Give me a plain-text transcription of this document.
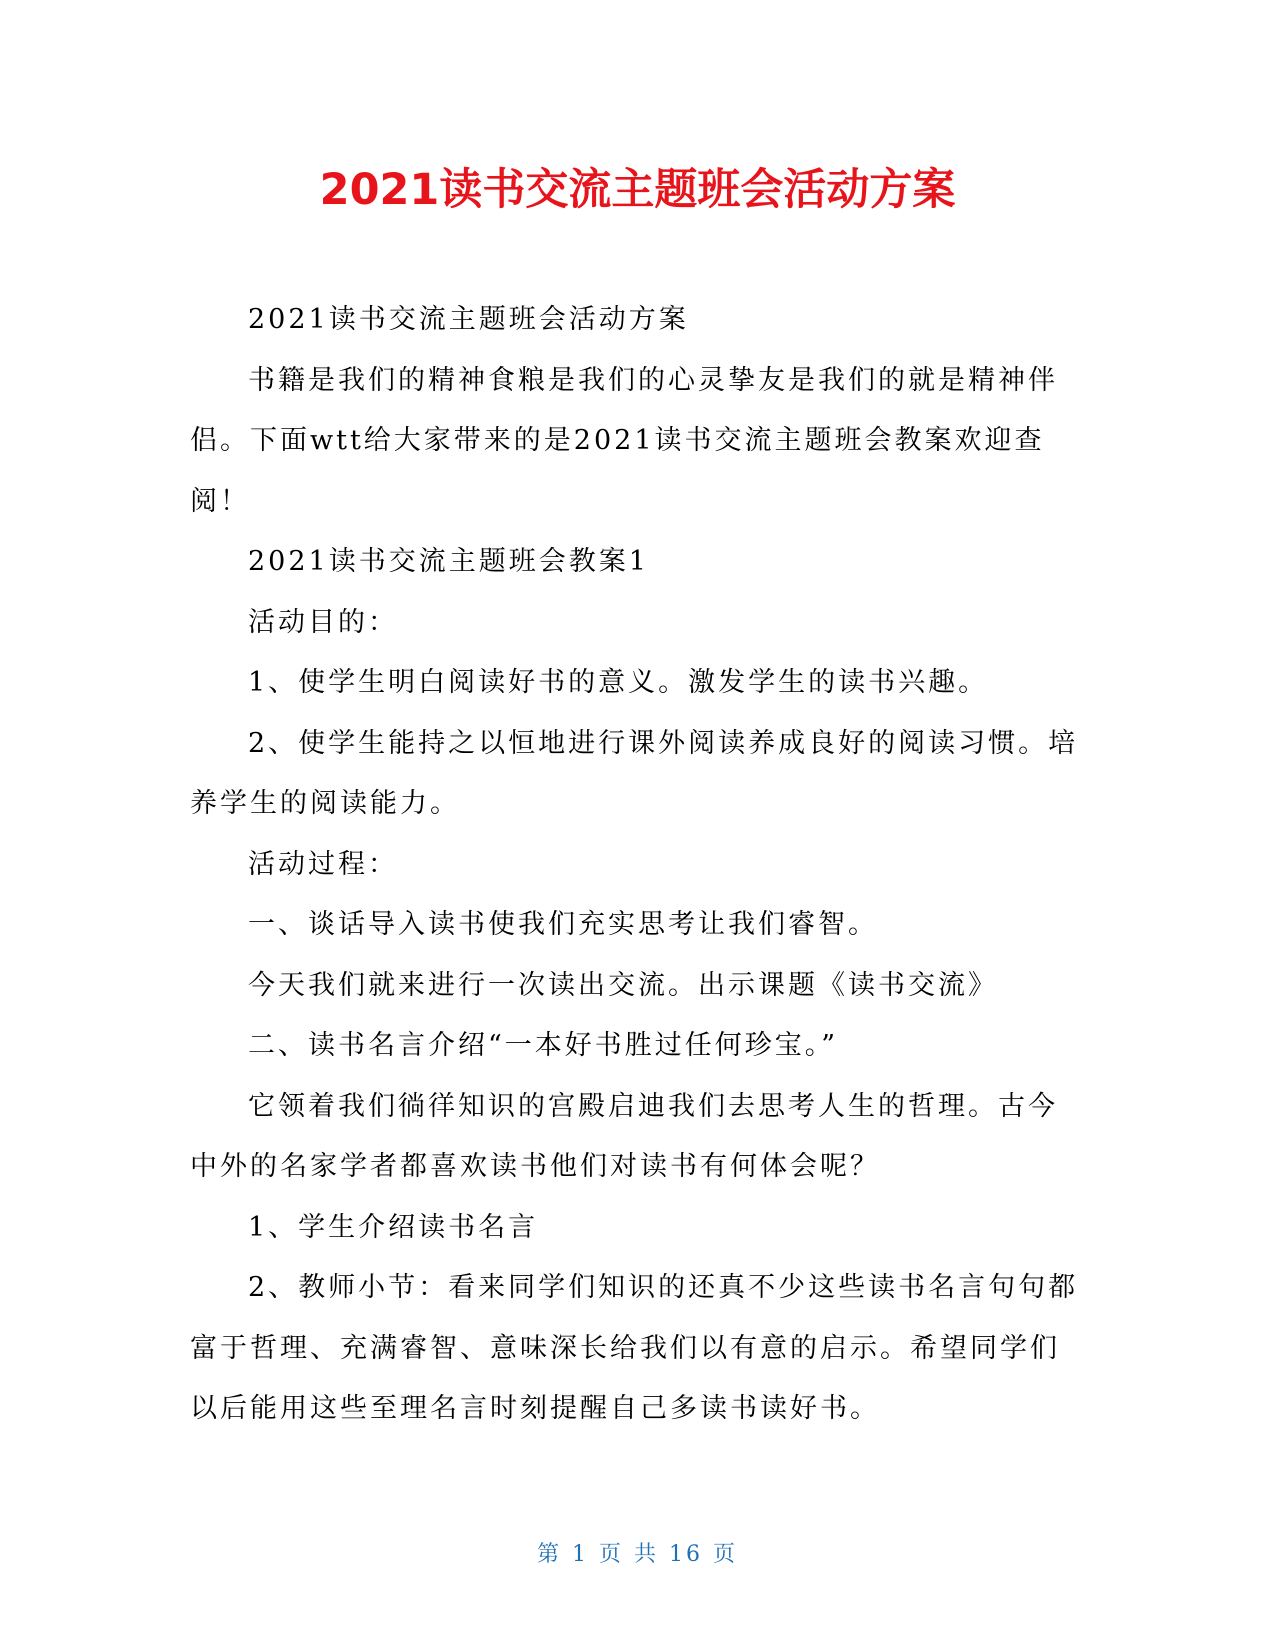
2021读书交流主题班会活动方案

2021读书交流主题班会活动方案

书籍是我们的精神食粮是我们的心灵挚友是我们的就是精神伴侣。下面wtt给大家带来的是2021读书交流主题班会教案欢迎查阅！

2021读书交流主题班会教案1

活动目的：

1、使学生明白阅读好书的意义。激发学生的读书兴趣。

2、使学生能持之以恒地进行课外阅读养成良好的阅读习惯。培养学生的阅读能力。

活动过程：

一、谈话导入读书使我们充实思考让我们睿智。

今天我们就来进行一次读出交流。出示课题《读书交流》

二、读书名言介绍“一本好书胜过任何珍宝。”

它领着我们徜徉知识的宫殿启迪我们去思考人生的哲理。古今中外的名家学者都喜欢读书他们对读书有何体会呢？

1、学生介绍读书名言

2、教师小节：看来同学们知识的还真不少这些读书名言句句都富于哲理、充满睿智、意味深长给我们以有意的启示。希望同学们以后能用这些至理名言时刻提醒自己多读书读好书。

第 1 页 共 16 页
